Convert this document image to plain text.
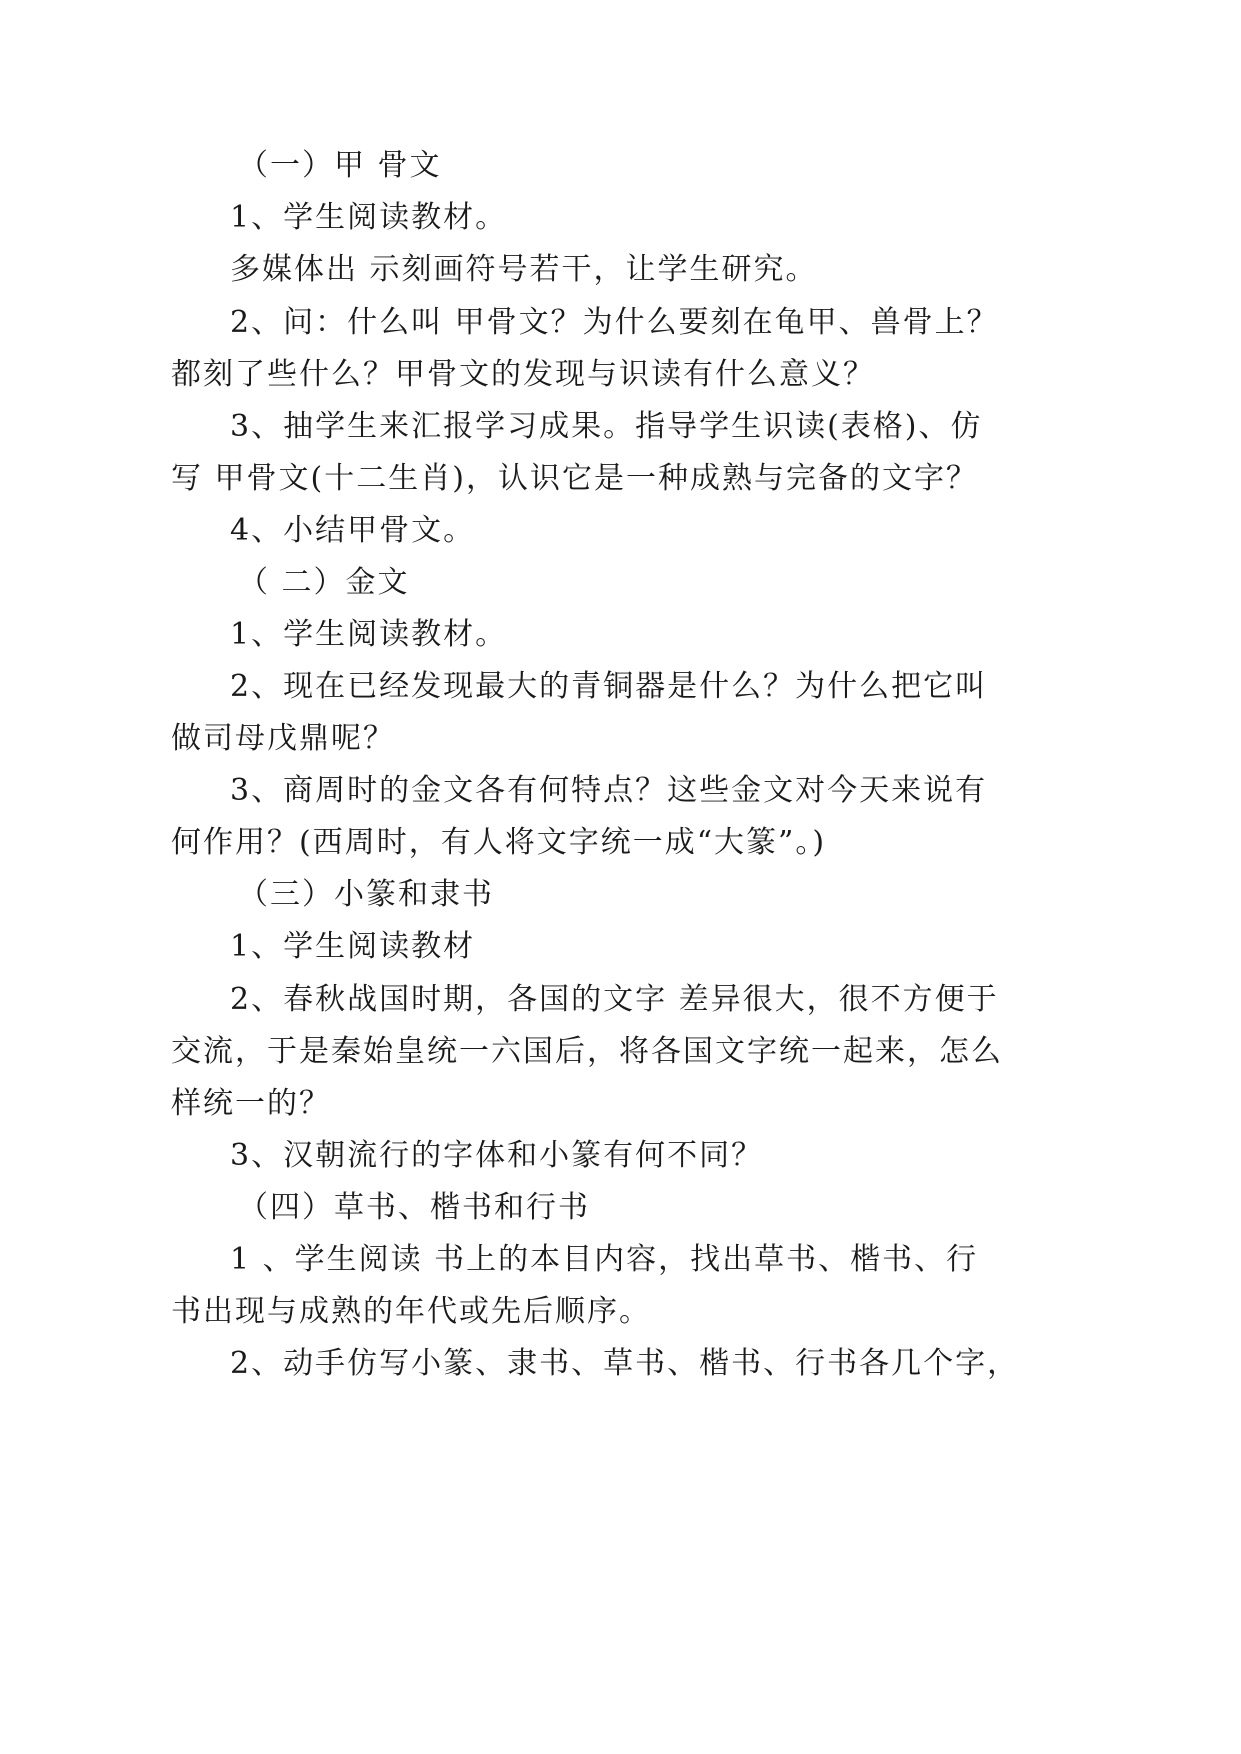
（一）甲 骨文
1、学生阅读教材。
多媒体出 示刻画符号若干，让学生研究。
2、问：什么叫 甲骨文？为什么要刻在龟甲、兽骨上？
都刻了些什么？甲骨文的发现与识读有什么意义？
3、抽学生来汇报学习成果。指导学生识读(表格)、仿
写 甲骨文(十二生肖)，认识它是一种成熟与完备的文字？
4、小结甲骨文。
（ 二）金文
1、学生阅读教材。
2、现在已经发现最大的青铜器是什么？为什么把它叫
做司母戊鼎呢？
3、商周时的金文各有何特点？这些金文对今天来说有
何作用？(西周时，有人将文字统一成“大篆”。)
（三）小篆和隶书
1、学生阅读教材
2、春秋战国时期，各国的文字 差异很大，很不方便于
交流，于是秦始皇统一六国后，将各国文字统一起来，怎么
样统一的？
3、汉朝流行的字体和小篆有何不同？
（四）草书、楷书和行书
1 、学生阅读 书上的本目内容，找出草书、楷书、行
书出现与成熟的年代或先后顺序。
2、动手仿写小篆、隶书、草书、楷书、行书各几个字，
